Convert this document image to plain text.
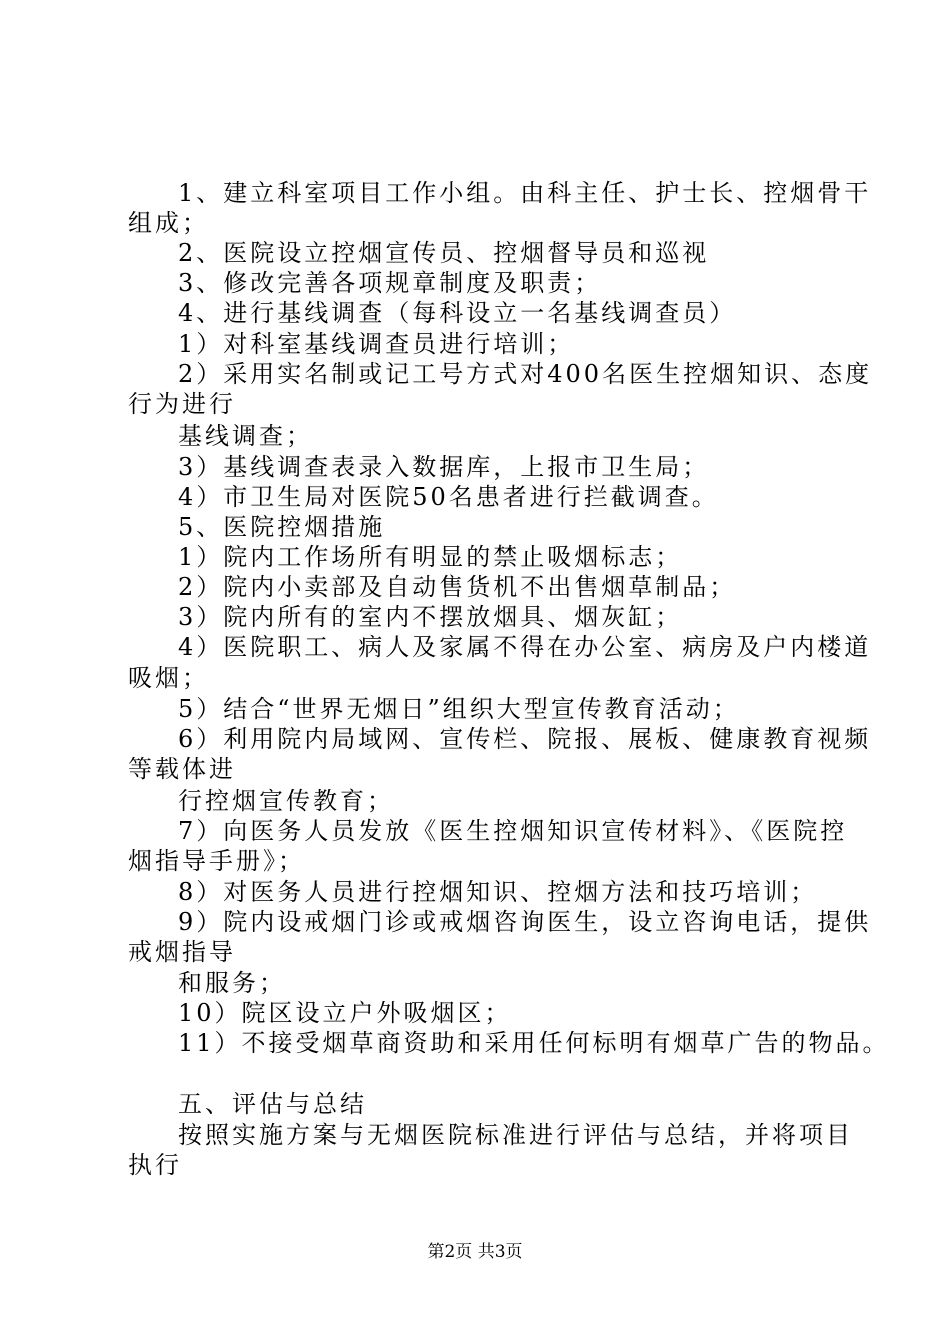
1、建立科室项目工作小组。由科主任、护士长、控烟骨干
组成；
2、医院设立控烟宣传员、控烟督导员和巡视
3、修改完善各项规章制度及职责；
4、进行基线调查（每科设立一名基线调查员）
1）对科室基线调查员进行培训；
2）采用实名制或记工号方式对400名医生控烟知识、态度
行为进行
基线调查；
3）基线调查表录入数据库，上报市卫生局；
4）市卫生局对医院50名患者进行拦截调查。
5、医院控烟措施
1）院内工作场所有明显的禁止吸烟标志；
2）院内小卖部及自动售货机不出售烟草制品；
3）院内所有的室内不摆放烟具、烟灰缸；
4）医院职工、病人及家属不得在办公室、病房及户内楼道
吸烟；
5）结合“世界无烟日”组织大型宣传教育活动；
6）利用院内局域网、宣传栏、院报、展板、健康教育视频
等载体进
行控烟宣传教育；
7）向医务人员发放《医生控烟知识宣传材料》、《医院控
烟指导手册》；
8）对医务人员进行控烟知识、控烟方法和技巧培训；
9）院内设戒烟门诊或戒烟咨询医生，设立咨询电话，提供
戒烟指导
和服务；
10）院区设立户外吸烟区；
11）不接受烟草商资助和采用任何标明有烟草广告的物品。
五、评估与总结
按照实施方案与无烟医院标准进行评估与总结，并将项目
执行
第2页 共3页
